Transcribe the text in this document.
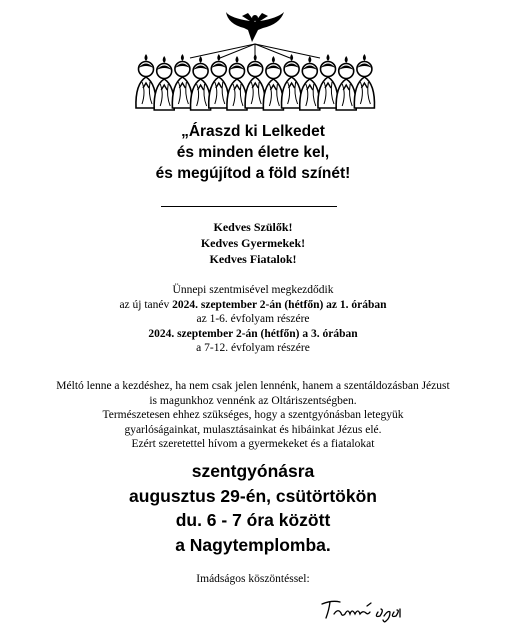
„Áraszd ki Lelkedet
és minden életre kel,
és megújítod a föld színét!
Kedves Szülők!
Kedves Gyermekek!
Kedves Fiatalok!
Ünnepi szentmisével megkezdődik
az új tanév 2024. szeptember 2-án (hétfőn) az 1. órában
az 1-6. évfolyam részére
2024. szeptember 2-án (hétfőn) a 3. órában
a 7-12. évfolyam részére
Méltó lenne a kezdéshez, ha nem csak jelen lennénk, hanem a szentáldozásban Jézust
is magunkhoz vennénk az Oltáriszentségben.
Természetesen ehhez szükséges, hogy a szentgyónásban letegyük
gyarlóságainkat, mulasztásainkat és hibáinkat Jézus elé.
Ezért szeretettel hívom a gyermekeket és a fiatalokat
szentgyónásra
augusztus 29-én, csütörtökön
du. 6 - 7 óra között
a Nagytemplomba.
Imádságos köszöntéssel:
